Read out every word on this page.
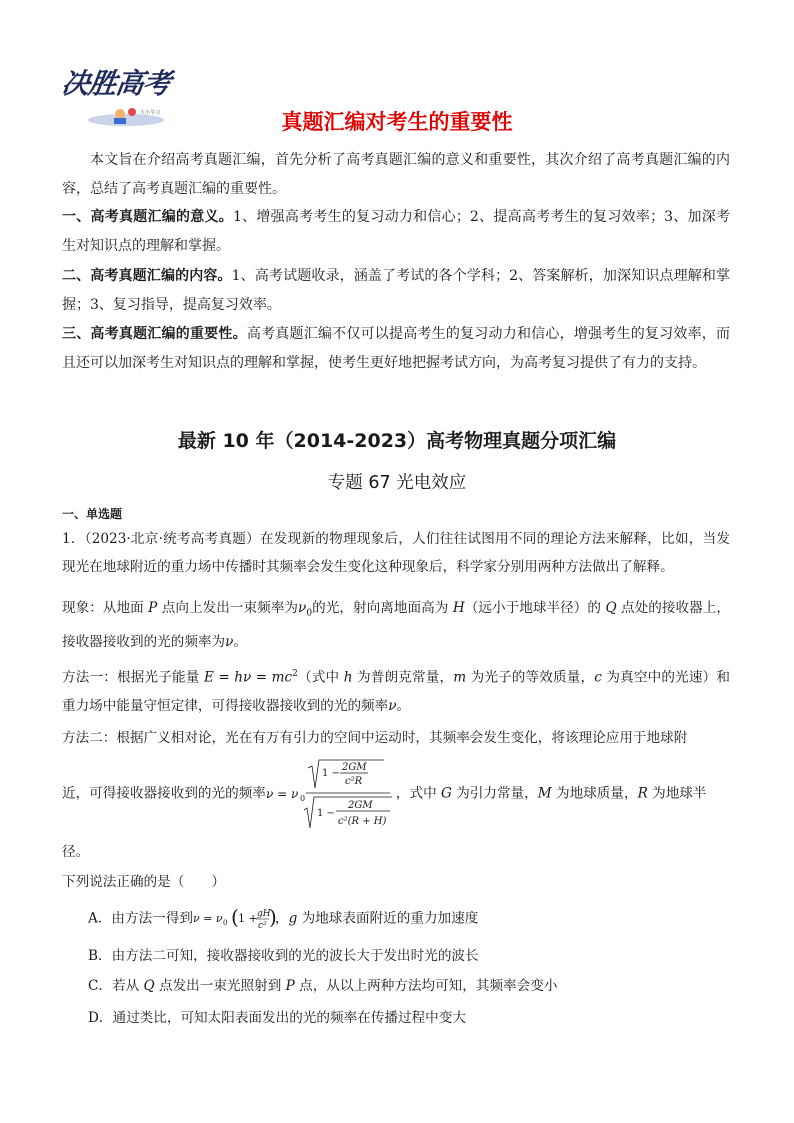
决胜高考
大小学习	真题汇编对考生的重要性
本文旨在介绍高考真题汇编，首先分析了高考真题汇编的意义和重要性，其次介绍了高考真题汇编的内容，总结了高考真题汇编的重要性。
一、高考真题汇编的意义。1、增强高考考生的复习动力和信心；2、提高高考考生的复习效率；3、加深考生对知识点的理解和掌握。
二、高考真题汇编的内容。1、高考试题收录，涵盖了考试的各个学科；2、答案解析，加深知识点理解和掌握；3、复习指导，提高复习效率。
三、高考真题汇编的重要性。高考真题汇编不仅可以提高考生的复习动力和信心，增强考生的复习效率，而且还可以加深考生对知识点的理解和掌握，使考生更好地把握考试方向，为高考复习提供了有力的支持。
最新 10 年（2014-2023）高考物理真题分项汇编
专题 67 光电效应
一、单选题
1．（2023·北京·统考高考真题）在发现新的物理现象后，人们往往试图用不同的理论方法来解释，比如，当发现光在地球附近的重力场中传播时其频率会发生变化这种现象后，科学家分别用两种方法做出了解释。
现象：从地面 P 点向上发出一束频率为$\nu_0$的光，射向离地面高为 H（远小于地球半径）的 Q 点处的接收器上，接收器接收到的光的频率为ν。
方法一：根据光子能量 $E = h\nu = mc^2$（式中 h 为普朗克常量，m 为光子的等效质量，c 为真空中的光速）和重力场中能量守恒定律，可得接收器接收到的光的频率ν。
方法二：根据广义相对论，光在有万有引力的空间中运动时，其频率会发生变化，将该理论应用于地球附
近，可得接收器接收到的光的频率 ν = ν 0
1 −
2GM
c²R
1 −
2GM
c²(R + H)
，式中 G 为引力常量，M 为地球质量，R 为地球半
径。
下列说法正确的是（　　）
A．由方法一得到 ν = ν 0 ( 1 + gH
c² )
，g 为地球表面附近的重力加速度
B．由方法二可知，接收器接收到的光的波长大于发出时光的波长
C．若从 Q 点发出一束光照射到 P 点，从以上两种方法均可知，其频率会变小
D．通过类比，可知太阳表面发出的光的频率在传播过程中变大
